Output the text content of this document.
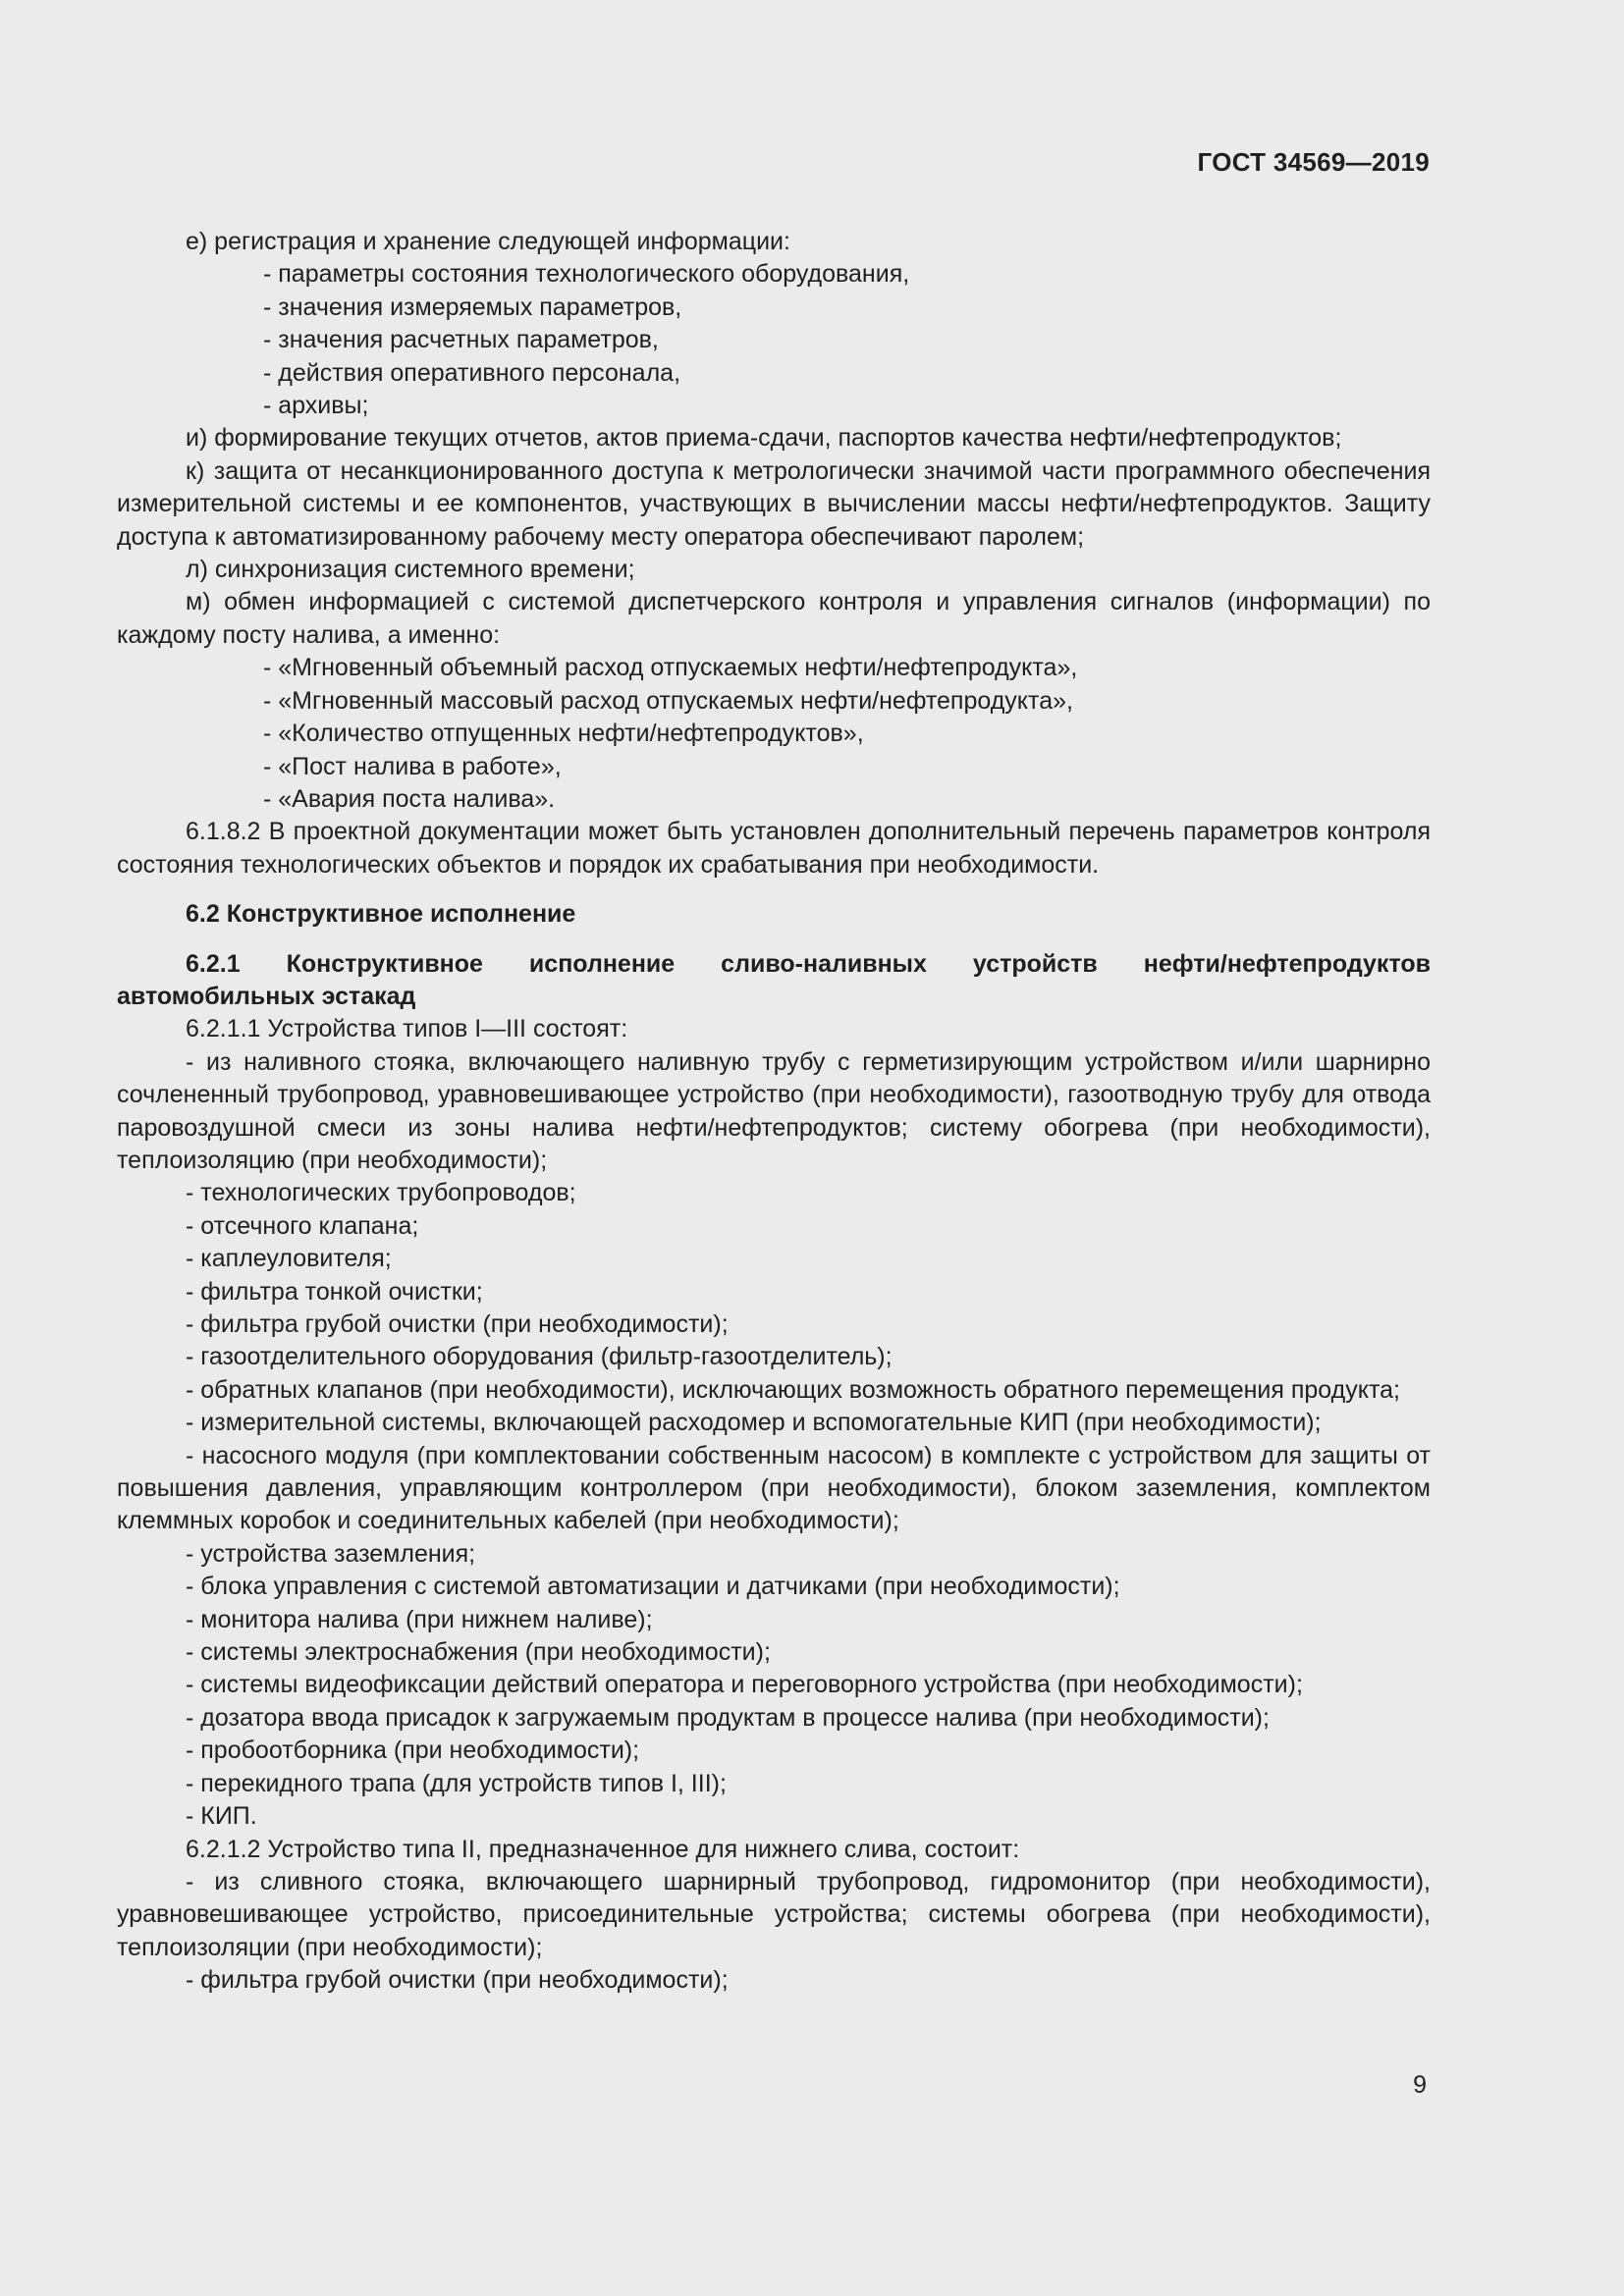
ГОСТ 34569—2019

е) регистрация и хранение следующей информации:

- параметры состояния технологического оборудования,

- значения измеряемых параметров,

- значения расчетных параметров,

- действия оперативного персонала,

- архивы;

и) формирование текущих отчетов, актов приема-сдачи, паспортов качества нефти/нефтепродуктов;

к) защита от несанкционированного доступа к метрологически значимой части программного обеспечения измерительной системы и ее компонентов, участвующих в вычислении массы нефти/нефтепродуктов. Защиту доступа к автоматизированному рабочему месту оператора обеспечивают паролем;

л) синхронизация системного времени;

м) обмен информацией с системой диспетчерского контроля и управления сигналов (информации) по каждому посту налива, а именно:

- «Мгновенный объемный расход отпускаемых нефти/нефтепродукта»,

- «Мгновенный массовый расход отпускаемых нефти/нефтепродукта»,

- «Количество отпущенных нефти/нефтепродуктов»,

- «Пост налива в работе»,

- «Авария поста налива».

6.1.8.2 В проектной документации может быть установлен дополнительный перечень параметров контроля состояния технологических объектов и порядок их срабатывания при необходимости.

6.2 Конструктивное исполнение

6.2.1 Конструктивное исполнение сливо-наливных устройств нефти/нефтепродуктов автомобильных эстакад

6.2.1.1 Устройства типов I—III состоят:

- из наливного стояка, включающего наливную трубу с герметизирующим устройством и/или шарнирно сочлененный трубопровод, уравновешивающее устройство (при необходимости), газоотводную трубу для отвода паровоздушной смеси из зоны налива нефти/нефтепродуктов; систему обогрева (при необходимости), теплоизоляцию (при необходимости);

- технологических трубопроводов;

- отсечного клапана;

- каплеуловителя;

- фильтра тонкой очистки;

- фильтра грубой очистки (при необходимости);

- газоотделительного оборудования (фильтр-газоотделитель);

- обратных клапанов (при необходимости), исключающих возможность обратного перемещения продукта;

- измерительной системы, включающей расходомер и вспомогательные КИП (при необходимости);

- насосного модуля (при комплектовании собственным насосом) в комплекте с устройством для защиты от повышения давления, управляющим контроллером (при необходимости), блоком заземления, комплектом клеммных коробок и соединительных кабелей (при необходимости);

- устройства заземления;

- блока управления с системой автоматизации и датчиками (при необходимости);

- монитора налива (при нижнем наливе);

- системы электроснабжения (при необходимости);

- системы видеофиксации действий оператора и переговорного устройства (при необходимости);

- дозатора ввода присадок к загружаемым продуктам в процессе налива (при необходимости);

- пробоотборника (при необходимости);

- перекидного трапа (для устройств типов I, III);

- КИП.

6.2.1.2 Устройство типа II, предназначенное для нижнего слива, состоит:

- из сливного стояка, включающего шарнирный трубопровод, гидромонитор (при необходимости), уравновешивающее устройство, присоединительные устройства; системы обогрева (при необходимости), теплоизоляции (при необходимости);

- фильтра грубой очистки (при необходимости);

9
